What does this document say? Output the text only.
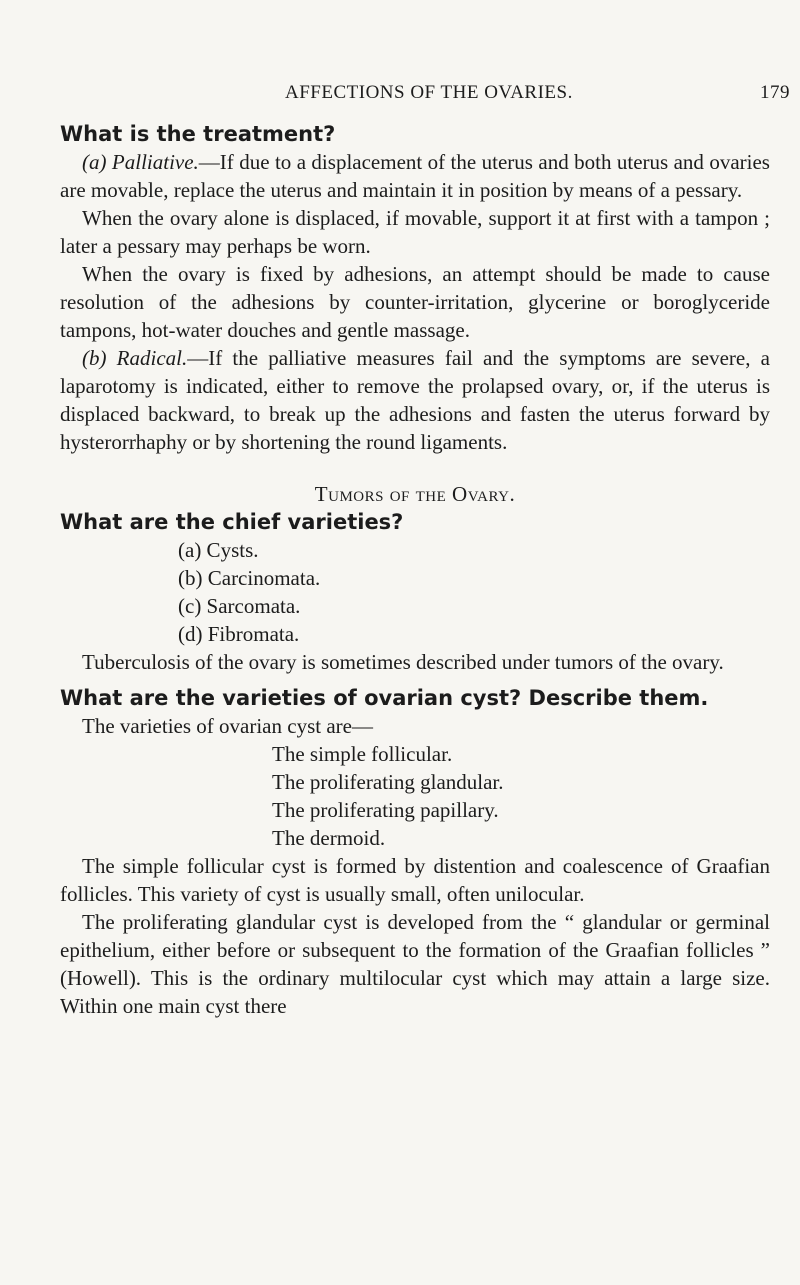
AFFECTIONS OF THE OVARIES.	179

What is the treatment?

(a) Palliative.—If due to a displacement of the uterus and both uterus and ovaries are movable, replace the uterus and maintain it in position by means of a pessary.

When the ovary alone is displaced, if movable, support it at first with a tampon ; later a pessary may perhaps be worn.

When the ovary is fixed by adhesions, an attempt should be made to cause resolution of the adhesions by counter-irritation, glycerine or boroglyceride tampons, hot-water douches and gentle massage.

(b) Radical.—If the palliative measures fail and the symptoms are severe, a laparotomy is indicated, either to remove the prolapsed ovary, or, if the uterus is displaced backward, to break up the adhesions and fasten the uterus forward by hysterorrhaphy or by shortening the round ligaments.

Tumors of the Ovary.

What are the chief varieties?

(a) Cysts.
(b) Carcinomata.
(c) Sarcomata.
(d) Fibromata.

Tuberculosis of the ovary is sometimes described under tumors of the ovary.

What are the varieties of ovarian cyst? Describe them.

The varieties of ovarian cyst are—

The simple follicular.
The proliferating glandular.
The proliferating papillary.
The dermoid.

The simple follicular cyst is formed by distention and coalescence of Graafian follicles. This variety of cyst is usually small, often unilocular.

The proliferating glandular cyst is developed from the “ glandular or germinal epithelium, either before or subsequent to the formation of the Graafian follicles ” (Howell). This is the ordinary multilocular cyst which may attain a large size. Within one main cyst there
